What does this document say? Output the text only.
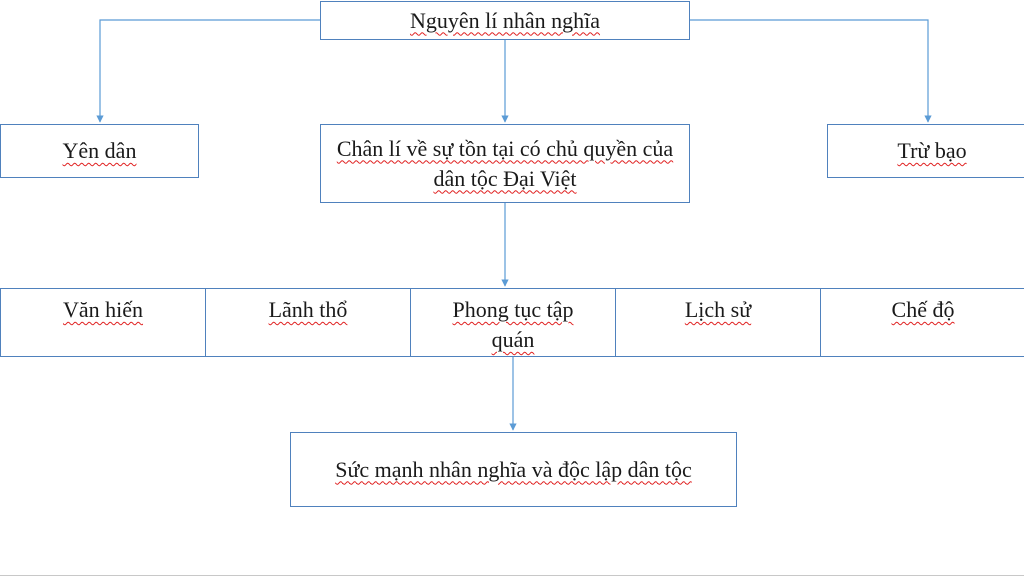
Nguyên lí nhân nghĩa
Yên dân	Chân lí về sự tồn tại có chủ quyền của dân tộc Đại Việt
Trừ bạo
Văn hiến	Lãnh thổ	Phong tục tập quán
Lịch sử	Chế độ
Sức mạnh nhân nghĩa và độc lập dân tộc
